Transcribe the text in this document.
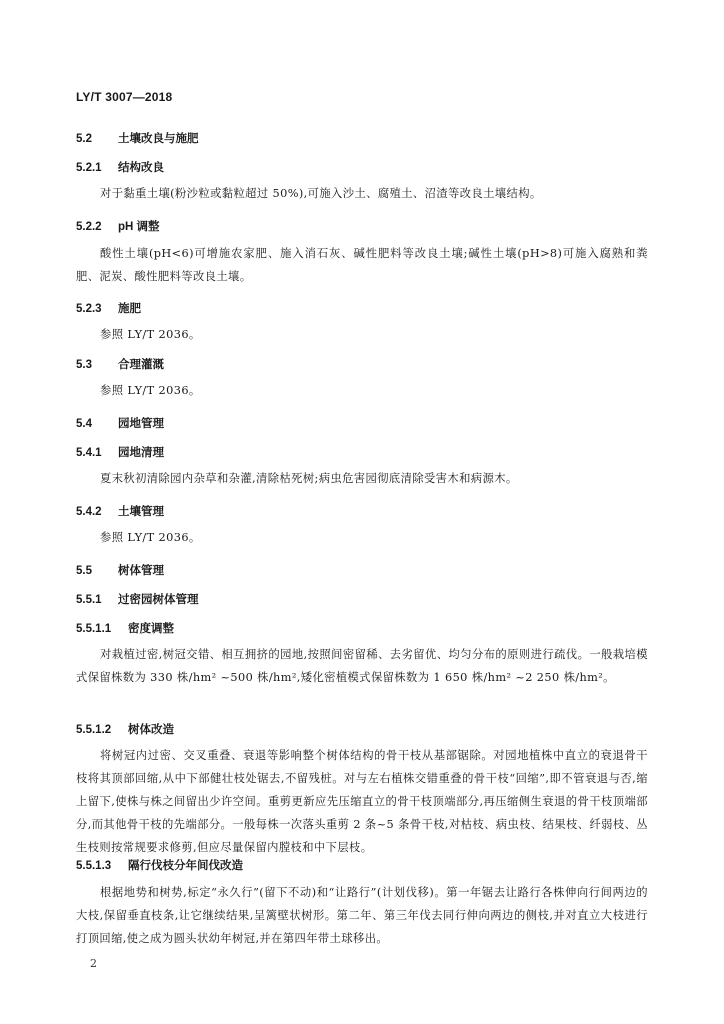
LY/T 3007—2018
5.2 土壤改良与施肥
5.2.1 结构改良
对于黏重土壤(粉沙粒或黏粒超过 50%),可施入沙土、腐殖土、沼渣等改良土壤结构。
5.2.2 pH 调整
酸性土壤(pH<6)可增施农家肥、施入消石灰、碱性肥料等改良土壤;碱性土壤(pH>8)可施入腐熟和粪肥、泥炭、酸性肥料等改良土壤。
5.2.3 施肥
参照 LY/T 2036。
5.3 合理灌溉
参照 LY/T 2036。
5.4 园地管理
5.4.1 园地清理
夏末秋初清除园内杂草和杂灌,清除枯死树;病虫危害园彻底清除受害木和病源木。
5.4.2 土壤管理
参照 LY/T 2036。
5.5 树体管理
5.5.1 过密园树体管理
5.5.1.1 密度调整
对栽植过密,树冠交错、相互拥挤的园地,按照间密留稀、去劣留优、均匀分布的原则进行疏伐。一般栽培模式保留株数为 330 株/hm² ~500 株/hm²,矮化密植模式保留株数为 1 650 株/hm² ~2 250 株/hm²。
5.5.1.2 树体改造
将树冠内过密、交叉重叠、衰退等影响整个树体结构的骨干枝从基部锯除。对园地植株中直立的衰退骨干枝将其顶部回缩,从中下部健壮枝处锯去,不留残桩。对与左右植株交错重叠的骨干枝“回缩”,即不管衰退与否,缩上留下,使株与株之间留出少许空间。重剪更新应先压缩直立的骨干枝顶端部分,再压缩侧生衰退的骨干枝顶端部分,而其他骨干枝的先端部分。一般每株一次落头重剪 2 条~5 条骨干枝,对枯枝、病虫枝、结果枝、纤弱枝、丛生枝则按常规要求修剪,但应尽量保留内膛枝和中下层枝。
5.5.1.3 隔行伐枝分年间伐改造
根据地势和树势,标定“永久行”(留下不动)和“让路行”(计划伐移)。第一年锯去让路行各株伸向行间两边的大枝,保留垂直枝条,让它继续结果,呈篱壁状树形。第二年、第三年伐去同行伸向两边的侧枝,并对直立大枝进行打顶回缩,使之成为圆头状幼年树冠,并在第四年带土球移出。
2
